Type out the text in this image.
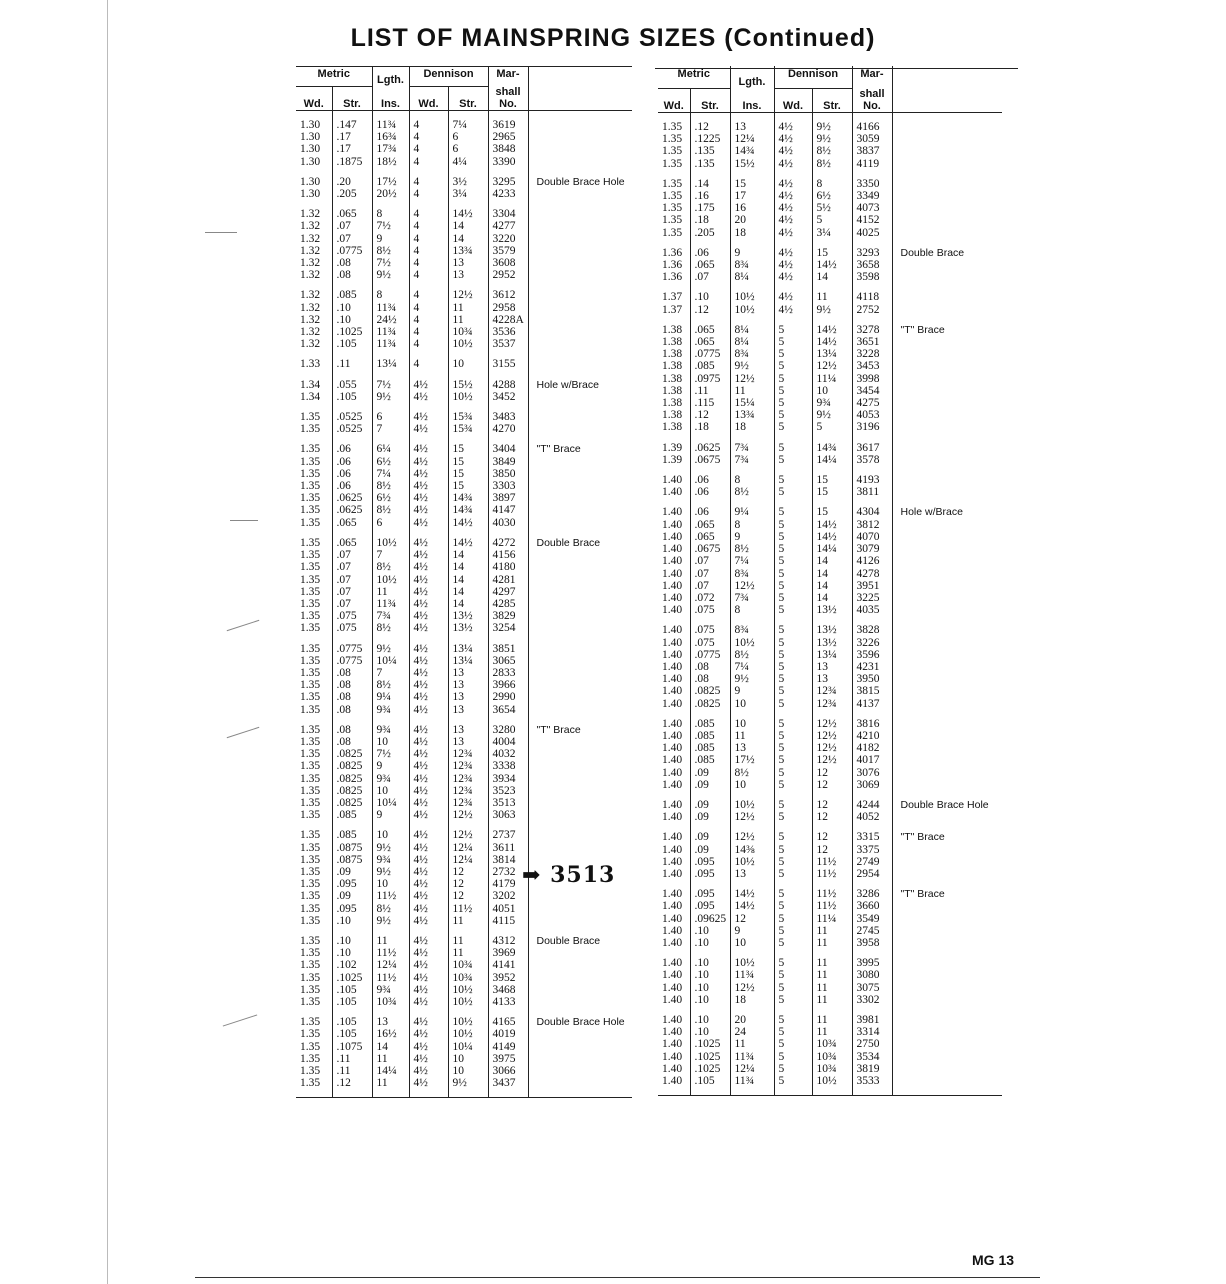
LIST OF MAINSPRING SIZES (Continued)
Metric		Lgth.	Dennison		Mar-	
Wd.	Str.	Ins.	Wd.	Str.	shall
No.	

1.30	.147	11¾	4	7¼	3619	
1.30	.17	16¾	4	6	2965	
1.30	.17	17¾	4	6	3848	
1.30	.1875	18½	4	4¼	3390	

1.30	.20	17½	4	3½	3295	Double Brace Hole
1.30	.205	20½	4	3¼	4233	

1.32	.065	8	4	14½	3304	
1.32	.07	7½	4	14	4277	
1.32	.07	9	4	14	3220	
1.32	.0775	8½	4	13¾	3579	
1.32	.08	7½	4	13	3608	
1.32	.08	9½	4	13	2952	

1.32	.085	8	4	12½	3612	
1.32	.10	11¾	4	11	2958	
1.32	.10	24½	4	11	4228A	
1.32	.1025	11¾	4	10¾	3536	
1.32	.105	11¾	4	10½	3537	

1.33	.11	13¼	4	10	3155	

1.34	.055	7½	4½	15½	4288	Hole w/Brace
1.34	.105	9½	4½	10½	3452	

1.35	.0525	6	4½	15¾	3483	
1.35	.0525	7	4½	15¾	4270	

1.35	.06	6¼	4½	15	3404	"T" Brace
1.35	.06	6½	4½	15	3849	
1.35	.06	7¼	4½	15	3850	
1.35	.06	8½	4½	15	3303	
1.35	.0625	6½	4½	14¾	3897	
1.35	.0625	8½	4½	14¾	4147	
1.35	.065	6	4½	14½	4030	

1.35	.065	10½	4½	14½	4272	Double Brace
1.35	.07	7	4½	14	4156	
1.35	.07	8½	4½	14	4180	
1.35	.07	10½	4½	14	4281	
1.35	.07	11	4½	14	4297	
1.35	.07	11¾	4½	14	4285	
1.35	.075	7¾	4½	13½	3829	
1.35	.075	8½	4½	13½	3254	

1.35	.0775	9½	4½	13¼	3851	
1.35	.0775	10¼	4½	13¼	3065	
1.35	.08	7	4½	13	2833	
1.35	.08	8½	4½	13	3966	
1.35	.08	9¼	4½	13	2990	
1.35	.08	9¾	4½	13	3654	

1.35	.08	9¾	4½	13	3280	"T" Brace
1.35	.08	10	4½	13	4004	
1.35	.0825	7½	4½	12¾	4032	
1.35	.0825	9	4½	12¾	3338	
1.35	.0825	9¾	4½	12¾	3934	
1.35	.0825	10	4½	12¾	3523	
1.35	.0825	10¼	4½	12¾	3513	
1.35	.085	9	4½	12½	3063	

1.35	.085	10	4½	12½	2737	
1.35	.0875	9½	4½	12¼	3611	
1.35	.0875	9¾	4½	12¼	3814	
1.35	.09	9½	4½	12	2732	
1.35	.095	10	4½	12	4179	
1.35	.09	11½	4½	12	3202	
1.35	.095	8½	4½	11½	4051	
1.35	.10	9½	4½	11	4115	

1.35	.10	11	4½	11	4312	Double Brace
1.35	.10	11½	4½	11	3969	
1.35	.102	12¼	4½	10¾	4141	
1.35	.1025	11½	4½	10¾	3952	
1.35	.105	9¾	4½	10½	3468	
1.35	.105	10¾	4½	10½	4133	

1.35	.105	13	4½	10½	4165	Double Brace Hole
1.35	.105	16½	4½	10½	4019	
1.35	.1075	14	4½	10¼	4149	
1.35	.11	11	4½	10	3975	
1.35	.11	14¼	4½	10	3066	
1.35	.12	11	4½	9½	3437	

Metric		Lgth.	Dennison		Mar-	
Wd.	Str.	Ins.	Wd.	Str.	shall
No.	

1.35	.12	13	4½	9½	4166	
1.35	.1225	12¼	4½	9½	3059	
1.35	.135	14¾	4½	8½	3837	
1.35	.135	15½	4½	8½	4119	

1.35	.14	15	4½	8	3350	
1.35	.16	17	4½	6½	3349	
1.35	.175	16	4½	5½	4073	
1.35	.18	20	4½	5	4152	
1.35	.205	18	4½	3¼	4025	

1.36	.06	9	4½	15	3293	Double Brace
1.36	.065	8¾	4½	14½	3658	
1.36	.07	8¼	4½	14	3598	

1.37	.10	10½	4½	11	4118	
1.37	.12	10½	4½	9½	2752	

1.38	.065	8¼	5	14½	3278	"T" Brace
1.38	.065	8¼	5	14½	3651	
1.38	.0775	8¾	5	13¼	3228	
1.38	.085	9½	5	12½	3453	
1.38	.0975	12½	5	11¼	3998	
1.38	.11	11	5	10	3454	
1.38	.115	15¼	5	9¾	4275	
1.38	.12	13¾	5	9½	4053	
1.38	.18	18	5	5	3196	

1.39	.0625	7¾	5	14¾	3617	
1.39	.0675	7¾	5	14¼	3578	

1.40	.06	8	5	15	4193	
1.40	.06	8½	5	15	3811	

1.40	.06	9¼	5	15	4304	Hole w/Brace
1.40	.065	8	5	14½	3812	
1.40	.065	9	5	14½	4070	
1.40	.0675	8½	5	14¼	3079	
1.40	.07	7¼	5	14	4126	
1.40	.07	8¾	5	14	4278	
1.40	.07	12½	5	14	3951	
1.40	.072	7¾	5	14	3225	
1.40	.075	8	5	13½	4035	

1.40	.075	8¾	5	13½	3828	
1.40	.075	10½	5	13½	3226	
1.40	.0775	8½	5	13¼	3596	
1.40	.08	7¼	5	13	4231	
1.40	.08	9½	5	13	3950	
1.40	.0825	9	5	12¾	3815	
1.40	.0825	10	5	12¾	4137	

1.40	.085	10	5	12½	3816	
1.40	.085	11	5	12½	4210	
1.40	.085	13	5	12½	4182	
1.40	.085	17½	5	12½	4017	
1.40	.09	8½	5	12	3076	
1.40	.09	10	5	12	3069	

1.40	.09	10½	5	12	4244	Double Brace Hole
1.40	.09	12½	5	12	4052	

1.40	.09	12½	5	12	3315	"T" Brace
1.40	.09	14⅜	5	12	3375	
1.40	.095	10½	5	11½	2749	
1.40	.095	13	5	11½	2954	

1.40	.095	14½	5	11½	3286	"T" Brace
1.40	.095	14½	5	11½	3660	
1.40	.09625	12	5	11¼	3549	
1.40	.10	9	5	11	2745	
1.40	.10	10	5	11	3958	

1.40	.10	10½	5	11	3995	
1.40	.10	11¾	5	11	3080	
1.40	.10	12½	5	11	3075	
1.40	.10	18	5	11	3302	

1.40	.10	20	5	11	3981	
1.40	.10	24	5	11	3314	
1.40	.1025	11	5	10¾	2750	
1.40	.1025	11¾	5	10¾	3534	
1.40	.1025	12¼	5	10¾	3819	
1.40	.105	11¾	5	10½	3533	

➡ 3513
MG 13
